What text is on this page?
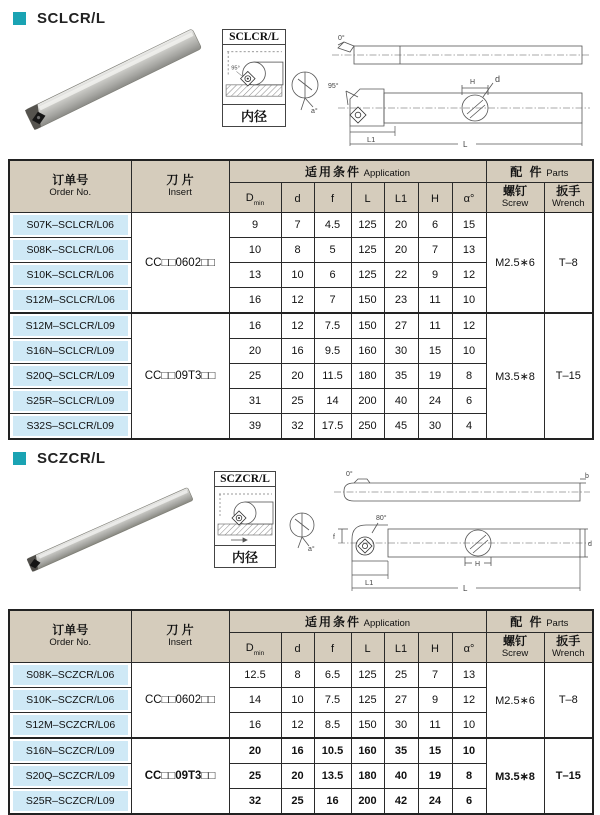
SCLCR/L
SCLCR/L
95°
内径	a°
0°
H d
95°
L1
L
订单号
Order No.

刀 片
Insert
	适用条件 Application	配 件 Parts
$D_{min}$	d	f	L	L1	H	α°	
螺钉
Screw

扳手
Wrench

S07K–SCLCR/L06	CC□□0602□□	9	7	4.5	125	20	6	15	M2.5∗6	T–8

S08K–SCLCR/L06		10	8	5	125	20	7	13		

S10K–SCLCR/L06		13	10	6	125	22	9	12		

S12M–SCLCR/L06		16	12	7	150	23	11	10		

S12M–SCLCR/L09	CC□□09T3□□	16	12	7.5	150	27	11	12	M3.5∗8	T–15

S16N–SCLCR/L09		20	16	9.5	160	30	15	10		

S20Q–SCLCR/L09		25	20	11.5	180	35	19	8		

S25R–SCLCR/L09		31	25	14	200	40	24	6		

S32S–SCLCR/L09		39	32	17.5	250	45	30	4		
SCZCR/L
SCZCR/L
内径
a°
0°	b
80°
f
H
d
L1
L
订单号
Order No.

刀 片
Insert
	适用条件 Application	配 件 Parts
$D_{min}$	d	f	L	L1	H	α°	
螺钉
Screw

扳手
Wrench

S08K–SCZCR/L06	CC□□0602□□	12.5	8	6.5	125	25	7	13	M2.5∗6	T–8

S10K–SCZCR/L06		14	10	7.5	125	27	9	12		

S12M–SCZCR/L06		16	12	8.5	150	30	11	10		

S16N–SCZCR/L09	CC□□09T3□□	20	16	10.5	160	35	15	10	M3.5∗8	T–15

S20Q–SCZCR/L09		25	20	13.5	180	40	19	8		

S25R–SCZCR/L09		32	25	16	200	42	24	6		
